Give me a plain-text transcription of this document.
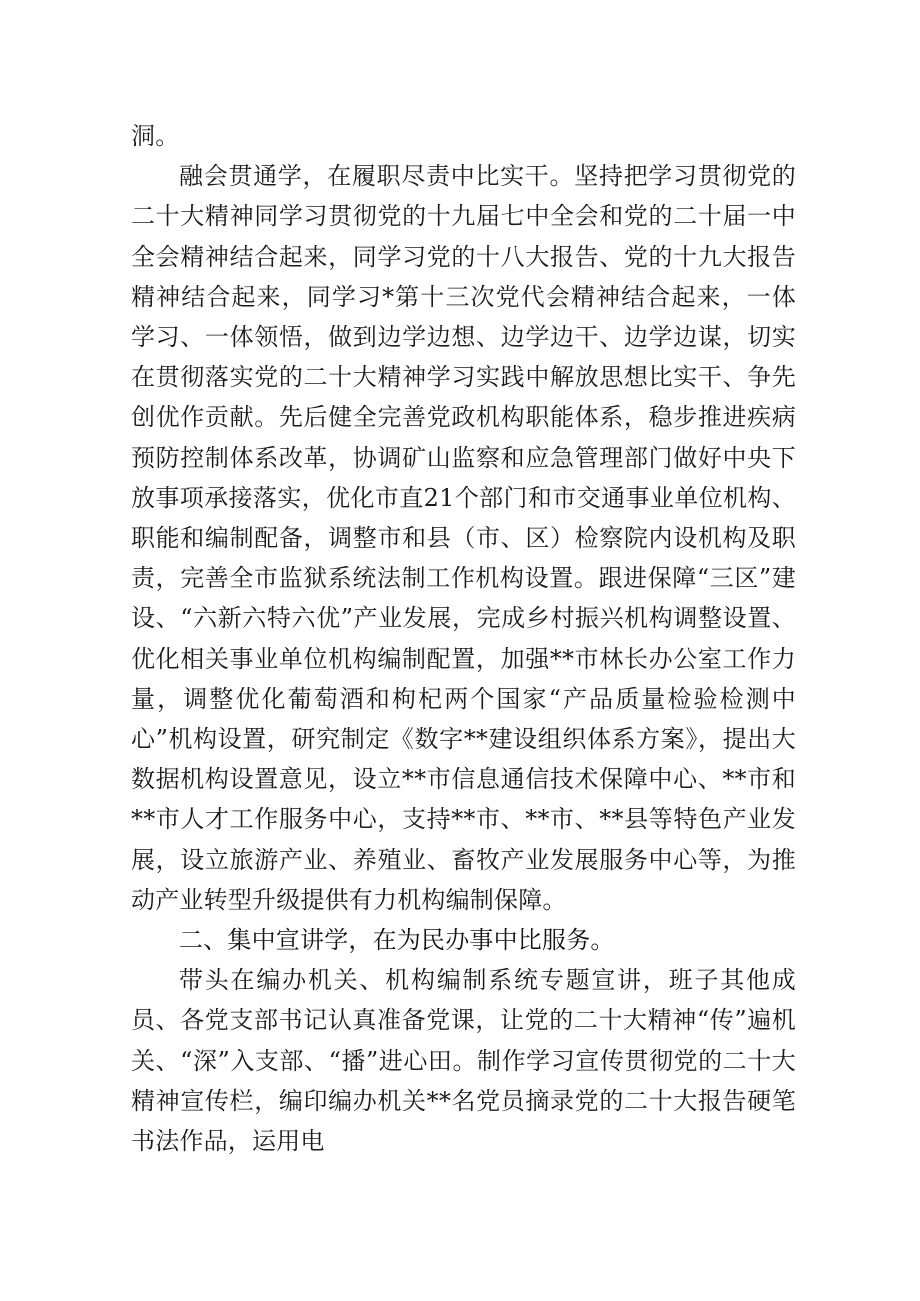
洞。

融会贯通学，在履职尽责中比实干。坚持把学习贯彻党的二十大精神同学习贯彻党的十九届七中全会和党的二十届一中全会精神结合起来，同学习党的十八大报告、党的十九大报告精神结合起来，同学习*第十三次党代会精神结合起来，一体学习、一体领悟，做到边学边想、边学边干、边学边谋，切实在贯彻落实党的二十大精神学习实践中解放思想比实干、争先创优作贡献。先后健全完善党政机构职能体系，稳步推进疾病预防控制体系改革，协调矿山监察和应急管理部门做好中央下放事项承接落实，优化市直21个部门和市交通事业单位机构、职能和编制配备，调整市和县（市、区）检察院内设机构及职责，完善全市监狱系统法制工作机构设置。跟进保障“三区”建设、“六新六特六优”产业发展，完成乡村振兴机构调整设置、优化相关事业单位机构编制配置，加强**市林长办公室工作力量，调整优化葡萄酒和枸杞两个国家“产品质量检验检测中心”机构设置，研究制定《数字**建设组织体系方案》，提出大数据机构设置意见，设立**市信息通信技术保障中心、**市和**市人才工作服务中心，支持**市、**市、**县等特色产业发展，设立旅游产业、养殖业、畜牧产业发展服务中心等，为推动产业转型升级提供有力机构编制保障。

二、集中宣讲学，在为民办事中比服务。

带头在编办机关、机构编制系统专题宣讲，班子其他成员、各党支部书记认真准备党课，让党的二十大精神“传”遍机关、“深”入支部、“播”进心田。制作学习宣传贯彻党的二十大精神宣传栏，编印编办机关**名党员摘录党的二十大报告硬笔书法作品，运用电
